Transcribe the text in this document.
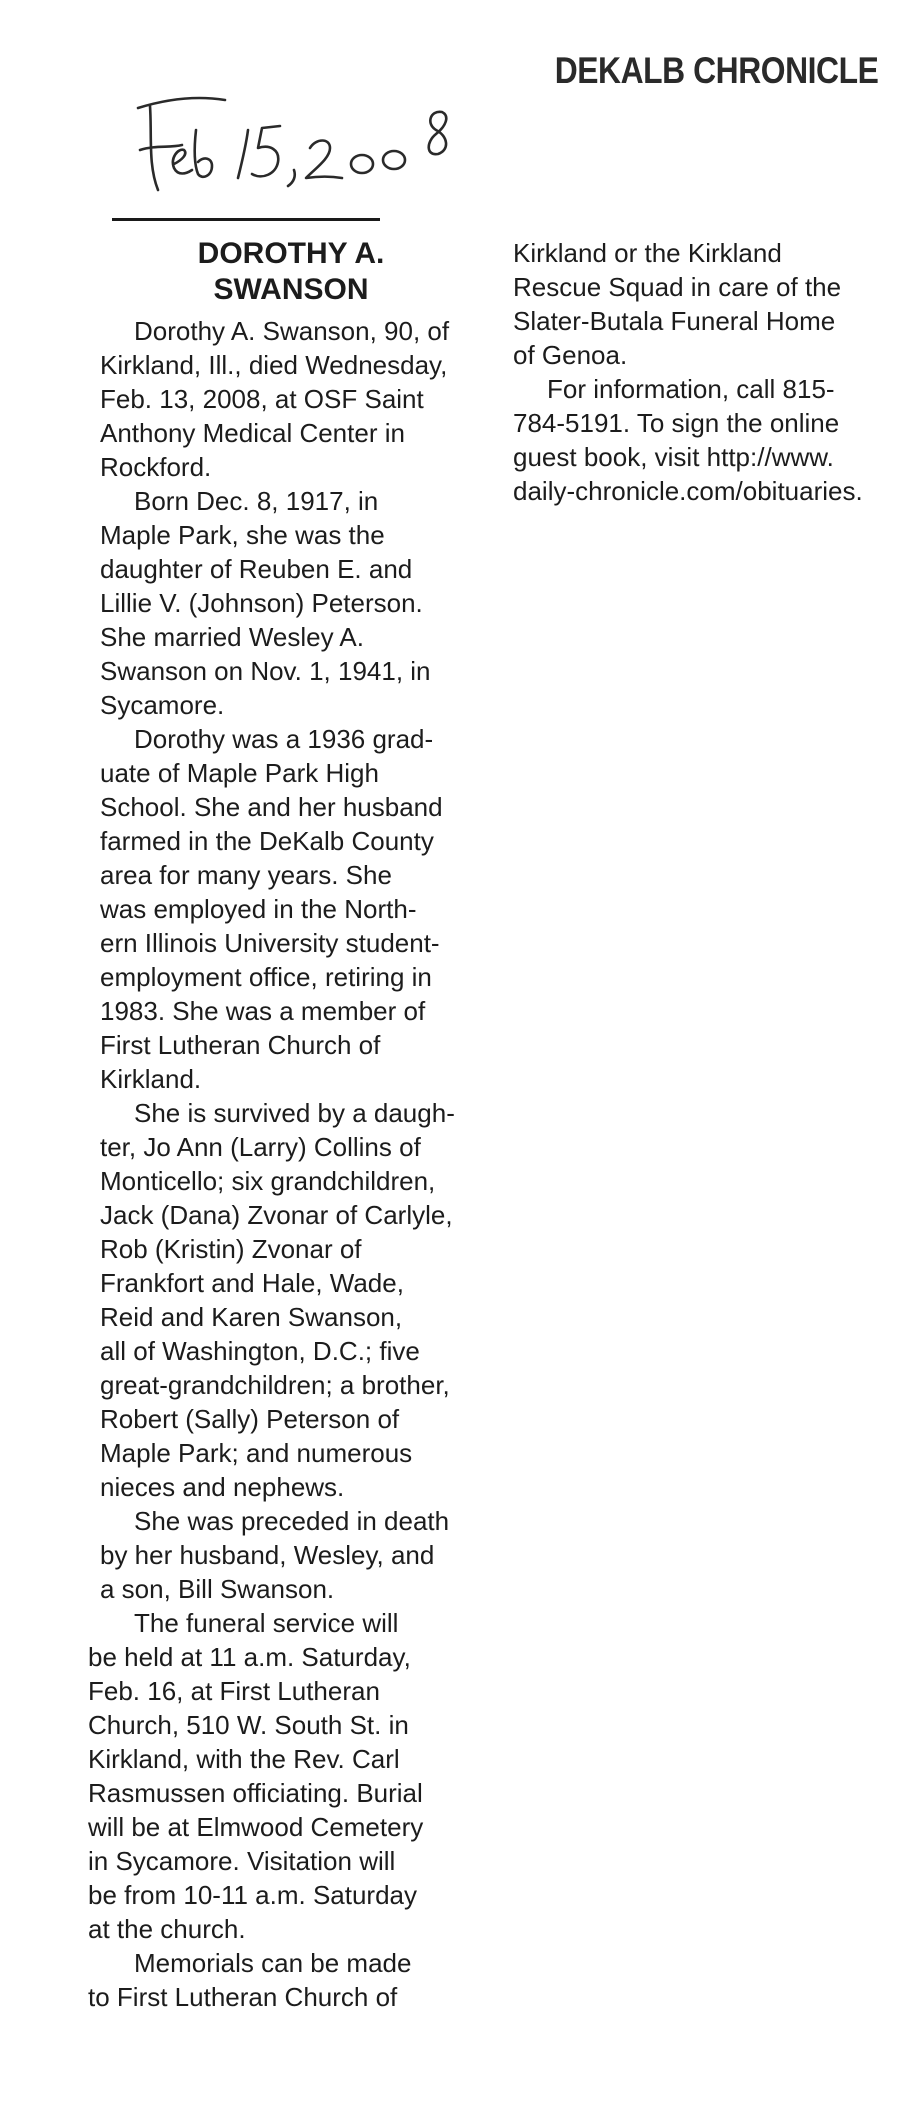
DEKALB CHRONICLE
DOROTHY A.
SWANSON
Dorothy A. Swanson, 90, of
Kirkland, Ill., died Wednesday,
Feb. 13, 2008, at OSF Saint
Anthony Medical Center in
Rockford.
Born Dec. 8, 1917, in
Maple Park, she was the
daughter of Reuben E. and
Lillie V. (Johnson) Peterson.
She married Wesley A.
Swanson on Nov. 1, 1941, in
Sycamore.
Dorothy was a 1936 grad-
uate of Maple Park High
School. She and her husband
farmed in the DeKalb County
area for many years. She
was employed in the North-
ern Illinois University student-
employment office, retiring in
1983. She was a member of
First Lutheran Church of
Kirkland.
She is survived by a daugh-
ter, Jo Ann (Larry) Collins of
Monticello; six grandchildren,
Jack (Dana) Zvonar of Carlyle,
Rob (Kristin) Zvonar of
Frankfort and Hale, Wade,
Reid and Karen Swanson,
all of Washington, D.C.; five
great-grandchildren; a brother,
Robert (Sally) Peterson of
Maple Park; and numerous
nieces and nephews.
She was preceded in death
by her husband, Wesley, and
a son, Bill Swanson.
The funeral service will
be held at 11 a.m. Saturday,
Feb. 16, at First Lutheran
Church, 510 W. South St. in
Kirkland, with the Rev. Carl
Rasmussen officiating. Burial
will be at Elmwood Cemetery
in Sycamore. Visitation will
be from 10-11 a.m. Saturday
at the church.
Memorials can be made
to First Lutheran Church of
Kirkland or the Kirkland
Rescue Squad in care of the
Slater-Butala Funeral Home
of Genoa.
For information, call 815-
784-5191. To sign the online
guest book, visit http://www.
daily-chronicle.com/obituaries.
